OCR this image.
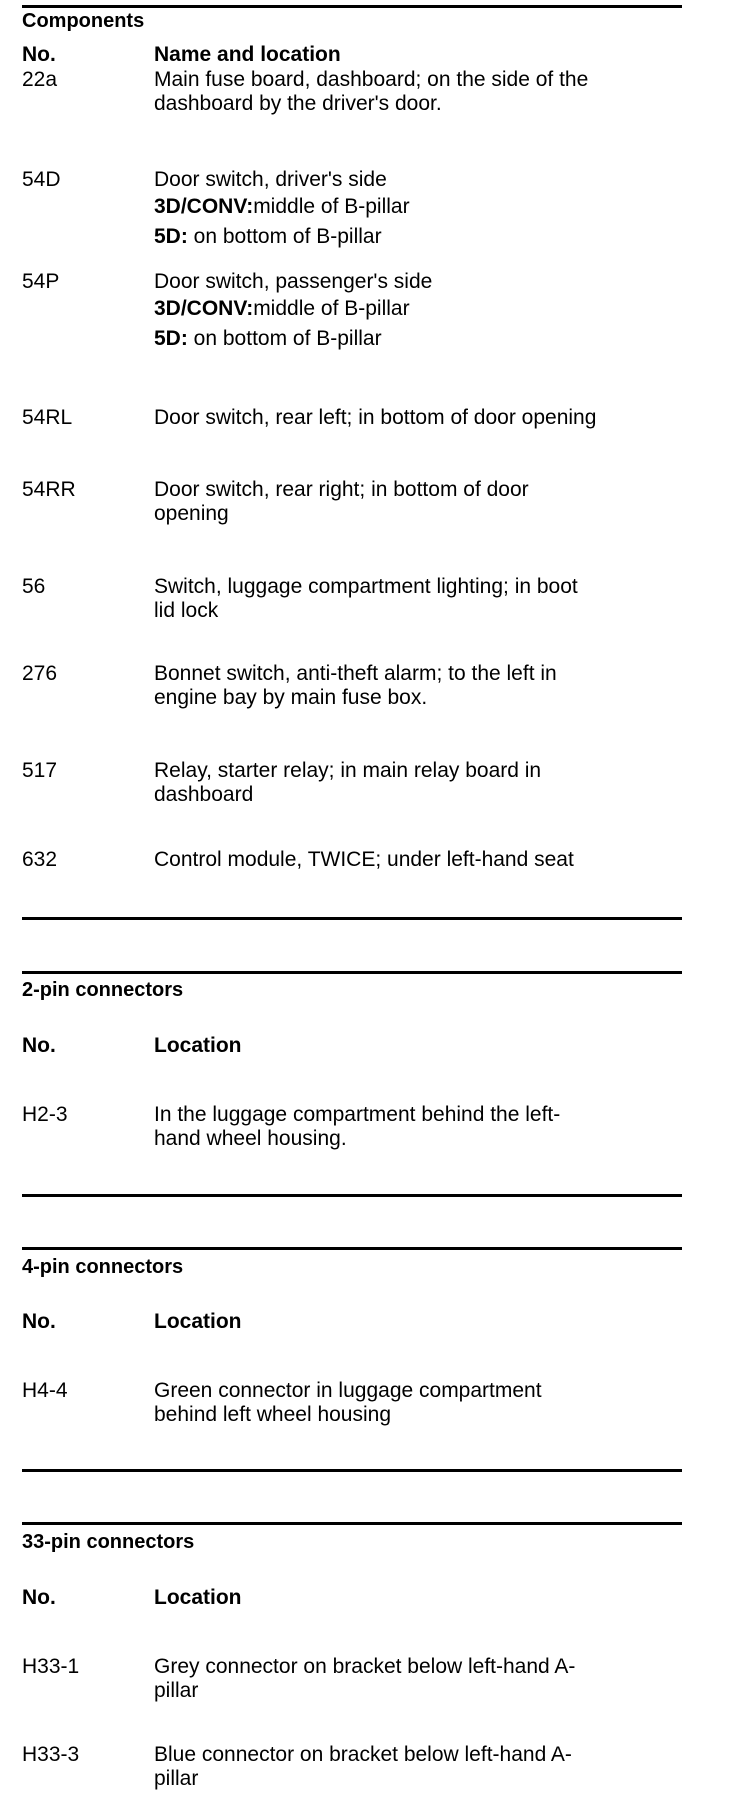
Components
No.	Name and location
22a	Main fuse board, dashboard; on the side of the
dashboard by the driver's door.
54D	Door switch, driver's side
3D/CONV:middle of B-pillar
5D: on bottom of B-pillar
54P	Door switch, passenger's side
3D/CONV:middle of B-pillar
5D: on bottom of B-pillar
54RL	Door switch, rear left; in bottom of door opening
54RR	Door switch, rear right; in bottom of door
opening
56	Switch, luggage compartment lighting; in boot
lid lock
276	Bonnet switch, anti-theft alarm; to the left in
engine bay by main fuse box.
517	Relay, starter relay; in main relay board in
dashboard
632	Control module, TWICE; under left-hand seat
2-pin connectors
No.	Location
H2-3	In the luggage compartment behind the left-
hand wheel housing.
4-pin connectors
No.	Location
H4-4	Green connector in luggage compartment
behind left wheel housing
33-pin connectors
No.	Location
H33-1	Grey connector on bracket below left-hand A-
pillar
H33-3	Blue connector on bracket below left-hand A-
pillar
